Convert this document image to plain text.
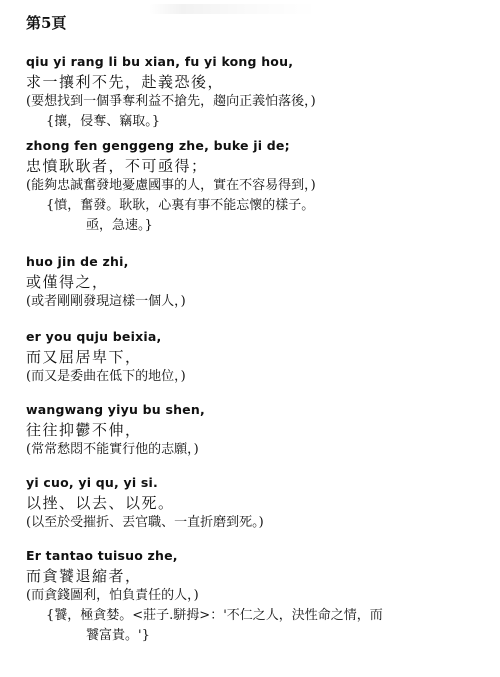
第5頁
qiu yi rang li bu xian, fu yi kong hou,
求一攘利不先，赴義恐後，
(要想找到一個爭奪利益不搶先，趨向正義怕落後，)
{攘，侵奪、竊取。}
zhong fen genggeng zhe, buke ji de;
忠憤耿耿者，不可亟得；
(能夠忠誠奮發地憂慮國事的人，實在不容易得到，)
{憤，奮發。耿耿，心裏有事不能忘懷的樣子。
亟，急速。}
huo jin de zhi,
或僅得之，
(或者剛剛發現這樣一個人，)
er you quju beixia,
而又屈居卑下，
(而又是委曲在低下的地位，)
wangwang yiyu bu shen,
往往抑鬱不伸，
(常常愁悶不能實行他的志願，)
yi cuo, yi qu, yi si.
以挫、以去、以死。
(以至於受摧折、丟官職、一直折磨到死。)
Er tantao tuisuo zhe,
而貪饕退縮者，
(而貪錢圖利，怕負責任的人，)
{饕，極貪婪。<莊子.駢拇>：'不仁之人，決性命之情，而
饕富貴。'}
